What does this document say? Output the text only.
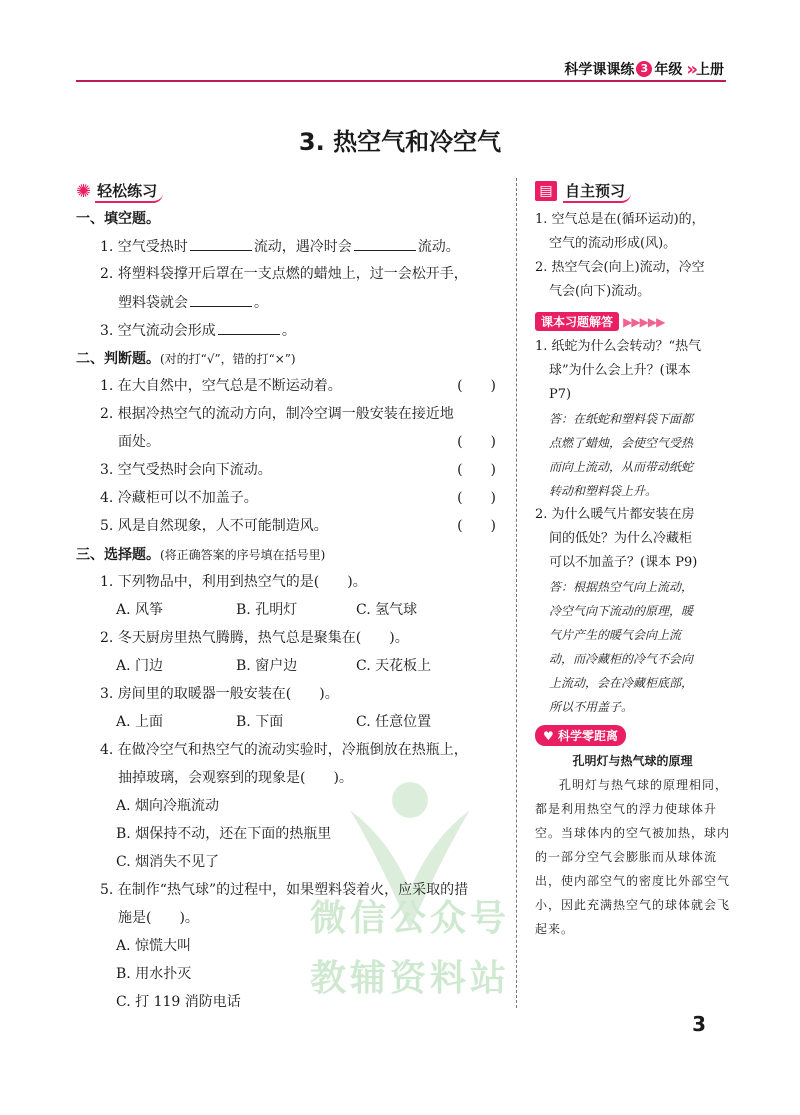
科学课课练 3 年级 » 上册
3. 热空气和冷空气
微信公众号
教辅资料站
✺ 轻松练习
一、填空题。
1. 空气受热时	流动，遇冷时会	流动。
2. 将塑料袋撑开后罩在一支点燃的蜡烛上，过一会松开手，
塑料袋就会	。
3. 空气流动会形成	。
二、判断题。(对的打“√”，错的打“×”)
1. 在大自然中，空气总是不断运动着。	(　　)
2. 根据冷热空气的流动方向，制冷空调一般安装在接近地
面处。	(　　)
3. 空气受热时会向下流动。	(　　)
4. 冷藏柜可以不加盖子。	(　　)
5. 风是自然现象，人不可能制造风。	(　　)
三、选择题。(将正确答案的序号填在括号里)
1. 下列物品中，利用到热空气的是(　　)。
A. 风筝	B. 孔明灯	C. 氢气球
2. 冬天厨房里热气腾腾，热气总是聚集在(　　)。
A. 门边	B. 窗户边	C. 天花板上
3. 房间里的取暖器一般安装在(　　)。
A. 上面	B. 下面	C. 任意位置
4. 在做冷空气和热空气的流动实验时，冷瓶倒放在热瓶上，
抽掉玻璃，会观察到的现象是(　　)。
A. 烟向冷瓶流动
B. 烟保持不动，还在下面的热瓶里
C. 烟消失不见了
5. 在制作“热气球”的过程中，如果塑料袋着火，应采取的措
施是(　　)。
A. 惊慌大叫
B. 用水扑灭
C. 打 119 消防电话
▤ 自主预习
1. 空气总是在(循环运动)的，
空气的流动形成(风)。
2. 热空气会(向上)流动，冷空
气会(向下)流动。
课本习题解答 ▶▶▶▶▶
1. 纸蛇为什么会转动？“热气
球”为什么会上升？(课本
P7)
答：在纸蛇和塑料袋下面都
点燃了蜡烛，会使空气受热
而向上流动，从而带动纸蛇
转动和塑料袋上升。
2. 为什么暖气片都安装在房
间的低处？为什么冷藏柜
可以不加盖子？(课本 P9)
答：根据热空气向上流动，
冷空气向下流动的原理，暖
气片产生的暖气会向上流
动，而冷藏柜的冷气不会向
上流动，会在冷藏柜底部，
所以不用盖子。
♥ 科学零距离
孔明灯与热气球的原理
孔明灯与热气球的原理相同，都是利用热空气的浮力使球体升空。当球体内的空气被加热，球内的一部分空气会膨胀而从球体流出，使内部空气的密度比外部空气小，因此充满热空气的球体就会飞起来。
3
